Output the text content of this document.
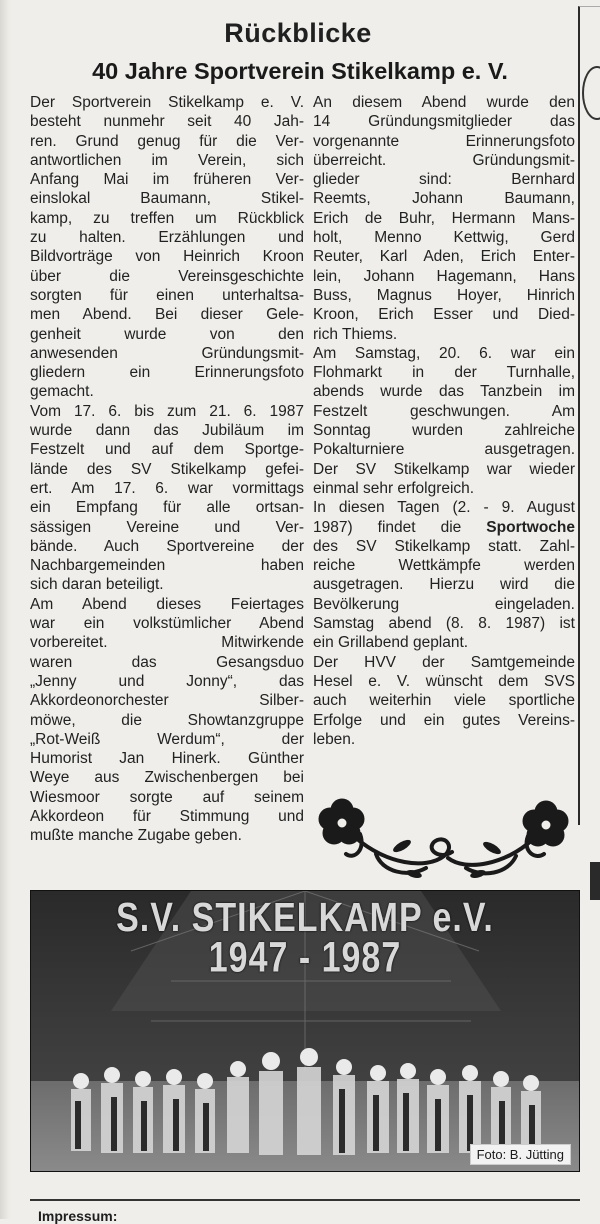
Rückblicke
40 Jahre Sportverein Stikelkamp e. V.
Der Sportverein Stikelkamp e. V.
besteht nunmehr seit 40 Jah-
ren. Grund genug für die Ver-
antwortlichen im Verein, sich
Anfang Mai im früheren Ver-
einslokal Baumann, Stikel-
kamp, zu treffen um Rückblick
zu halten. Erzählungen und
Bildvorträge von Heinrich Kroon
über die Vereinsgeschichte
sorgten für einen unterhaltsa-
men Abend. Bei dieser Gele-
genheit wurde von den
anwesenden Gründungsmit-
gliedern ein Erinnerungsfoto
gemacht.
Vom 17. 6. bis zum 21. 6. 1987
wurde dann das Jubiläum im
Festzelt und auf dem Sportge-
lände des SV Stikelkamp gefei-
ert. Am 17. 6. war vormittags
ein Empfang für alle ortsan-
sässigen Vereine und Ver-
bände. Auch Sportvereine der
Nachbargemeinden haben
sich daran beteiligt.
Am Abend dieses Feiertages
war ein volkstümlicher Abend
vorbereitet. Mitwirkende
waren das Gesangsduo
„Jenny und Jonny“, das
Akkordeonorchester Silber-
möwe, die Showtanzgruppe
„Rot-Weiß Werdum“, der
Humorist Jan Hinerk. Günther
Weye aus Zwischenbergen bei
Wiesmoor sorgte auf seinem
Akkordeon für Stimmung und
mußte manche Zugabe geben.
An diesem Abend wurde den
14 Gründungsmitglieder das
vorgenannte Erinnerungsfoto
überreicht. Gründungsmit-
glieder sind: Bernhard
Reemts, Johann Baumann,
Erich de Buhr, Hermann Mans-
holt, Menno Kettwig, Gerd
Reuter, Karl Aden, Erich Enter-
lein, Johann Hagemann, Hans
Buss, Magnus Hoyer, Hinrich
Kroon, Erich Esser und Died-
rich Thiems.
Am Samstag, 20. 6. war ein
Flohmarkt in der Turnhalle,
abends wurde das Tanzbein im
Festzelt geschwungen. Am
Sonntag wurden zahlreiche
Pokalturniere ausgetragen.
Der SV Stikelkamp war wieder
einmal sehr erfolgreich.
In diesen Tagen (2. - 9. August
1987) findet die Sportwoche
des SV Stikelkamp statt. Zahl-
reiche Wettkämpfe werden
ausgetragen. Hierzu wird die
Bevölkerung eingeladen.
Samstag abend (8. 8. 1987) ist
ein Grillabend geplant.
Der HVV der Samtgemeinde
Hesel e. V. wünscht dem SVS
auch weiterhin viele sportliche
Erfolge und ein gutes Vereins-
leben.
S.V. STIKELKAMP e.V.
1947 - 1987
Foto: B. Jütting
Impressum:
